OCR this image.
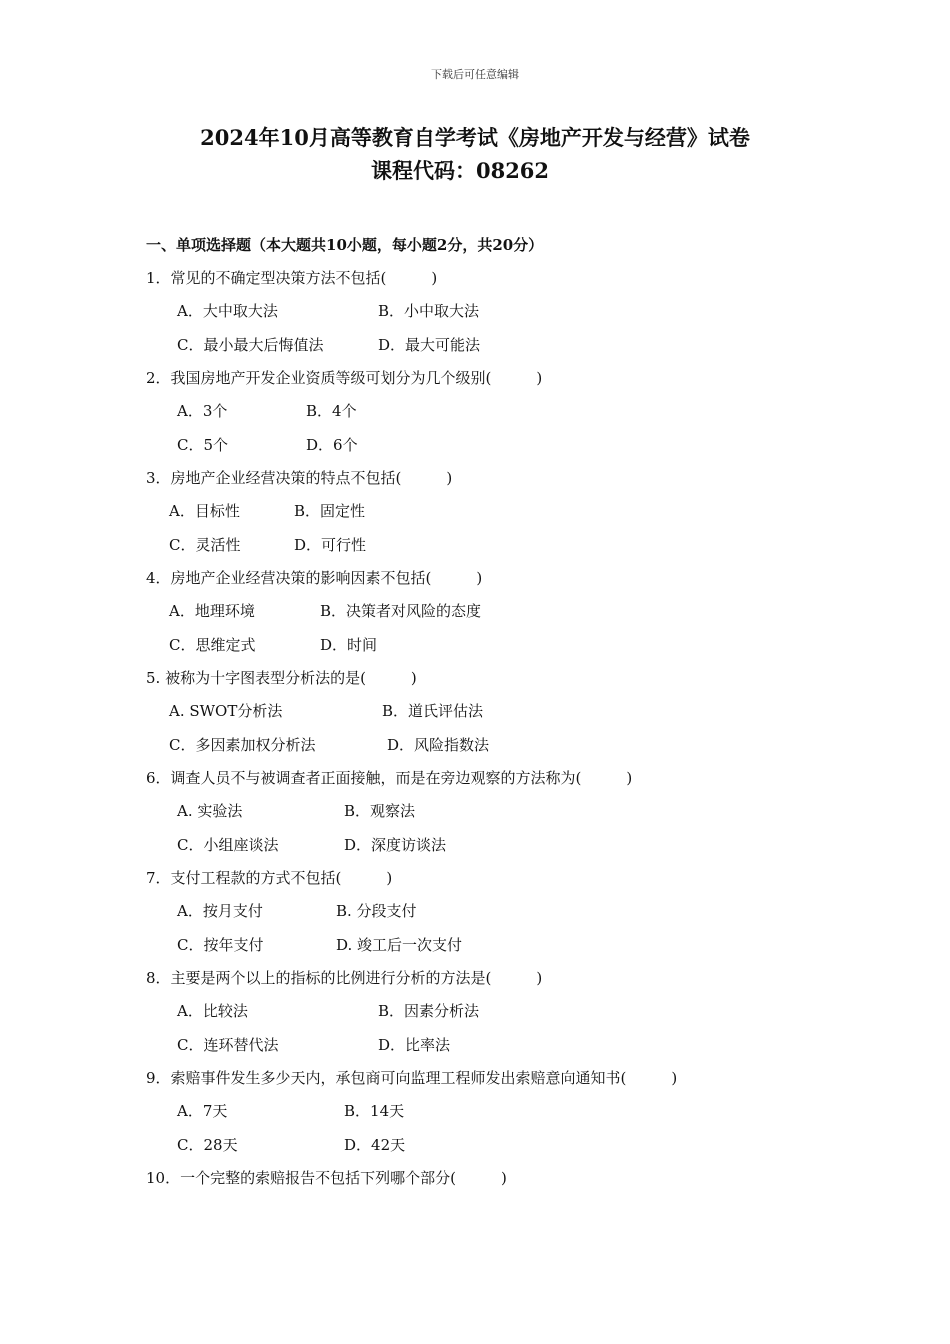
下载后可任意编辑
2024年10月高等教育自学考试《房地产开发与经营》试卷
课程代码：08262
一、单项选择题（本大题共10小题，每小题2分，共20分）
1．常见的不确定型决策方法不包括(　　　)
A．大中取大法	B．小中取大法
C．最小最大后悔值法	D．最大可能法
2．我国房地产开发企业资质等级可划分为几个级别(　　　)
A．3个	B．4个
C．5个	D．6个
3．房地产企业经营决策的特点不包括(　　　)
A．目标性	B．固定性
C．灵活性	D．可行性
4．房地产企业经营决策的影响因素不包括(　　　)
A．地理环境	B．决策者对风险的态度
C．思维定式	D．时间
5. 被称为十字图表型分析法的是(　　　)
A. SWOT分析法	B．道氏评估法
C．多因素加权分析法	D．风险指数法
6．调查人员不与被调查者正面接触，而是在旁边观察的方法称为(　　　)
A. 实验法	B．观察法
C．小组座谈法	D．深度访谈法
7．支付工程款的方式不包括(　　　)
A．按月支付	B. 分段支付
C．按年支付	D. 竣工后一次支付
8．主要是两个以上的指标的比例进行分析的方法是(　　　)
A．比较法	B．因素分析法
C．连环替代法	D．比率法
9．索赔事件发生多少天内，承包商可向监理工程师发出索赔意向通知书(　　　)
A．7天	B．14天
C．28天	D．42天
10．一个完整的索赔报告不包括下列哪个部分(　　　)
